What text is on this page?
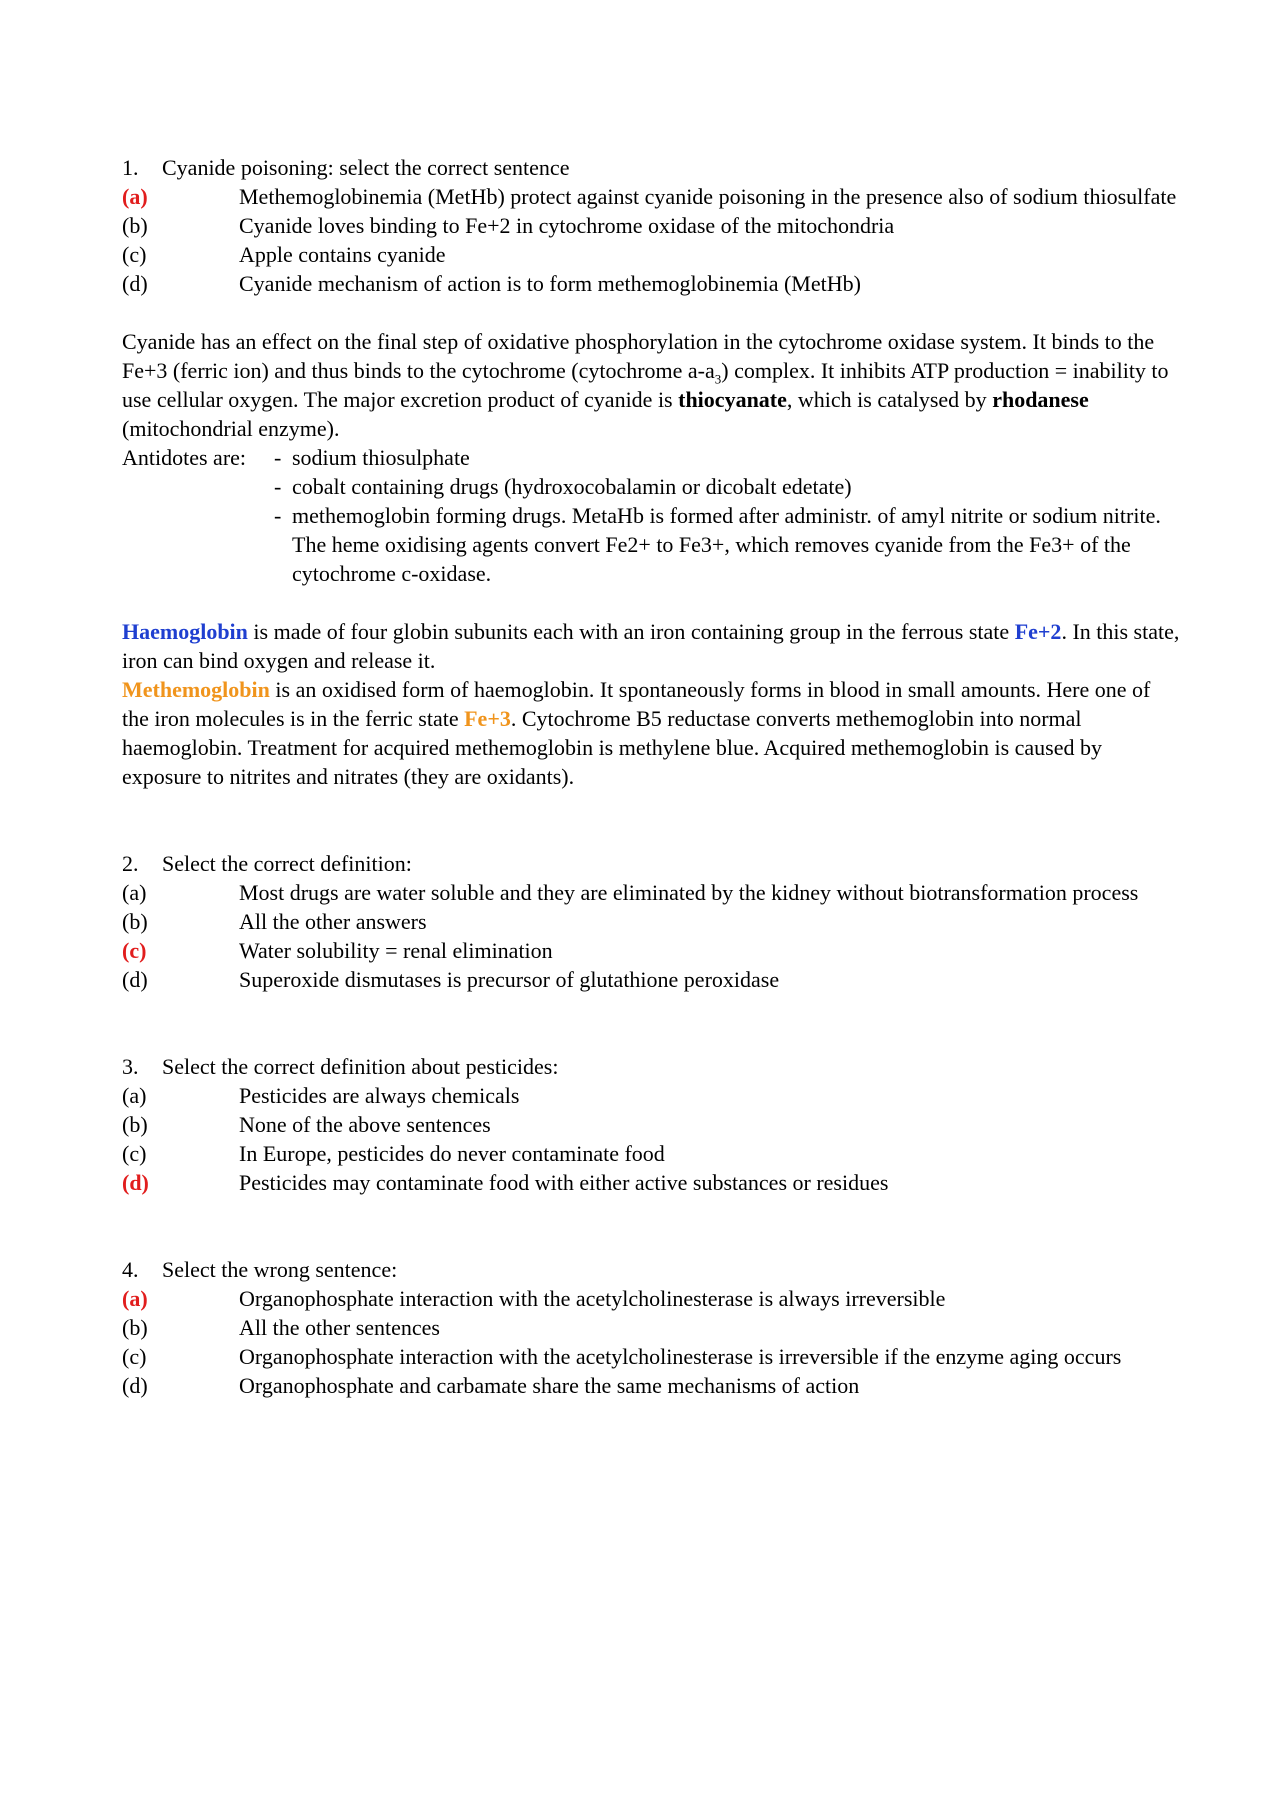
1. Cyanide poisoning: select the correct sentence
(a)	Methemoglobinemia (MetHb) protect against cyanide poisoning in the presence also of sodium thiosulfate
(b)	Cyanide loves binding to Fe+2 in cytochrome oxidase of the mitochondria
(c)	Apple contains cyanide
(d)	Cyanide mechanism of action is to form methemoglobinemia (MetHb)

Cyanide has an effect on the final step of oxidative phosphorylation in the cytochrome oxidase system. It binds to the Fe+3 (ferric ion) and thus binds to the cytochrome (cytochrome $a-a_3$) complex. It inhibits ATP production = inability to use cellular oxygen. The major excretion product of cyanide is thiocyanate, which is catalysed by rhodanese (mitochondrial enzyme).

Antidotes are:	- sodium thiosulphate
- cobalt containing drugs (hydroxocobalamin or dicobalt edetate)
- methemoglobin forming drugs. MetaHb is formed after administr. of amyl nitrite or sodium nitrite. The heme oxidising agents convert Fe2+ to Fe3+, which removes cyanide from the Fe3+ of the cytochrome c-oxidase.

Haemoglobin is made of four globin subunits each with an iron containing group in the ferrous state Fe+2. In this state, iron can bind oxygen and release it.

Methemoglobin is an oxidised form of haemoglobin. It spontaneously forms in blood in small amounts. Here one of the iron molecules is in the ferric state Fe+3. Cytochrome B5 reductase converts methemoglobin into normal haemoglobin. Treatment for acquired methemoglobin is methylene blue. Acquired methemoglobin is caused by exposure to nitrites and nitrates (they are oxidants).

2. Select the correct definition:
(a)	Most drugs are water soluble and they are eliminated by the kidney without biotransformation process
(b)	All the other answers
(c)	Water solubility = renal elimination
(d)	Superoxide dismutases is precursor of glutathione peroxidase
3. Select the correct definition about pesticides:
(a)	Pesticides are always chemicals
(b)	None of the above sentences
(c)	In Europe, pesticides do never contaminate food
(d)	Pesticides may contaminate food with either active substances or residues
4. Select the wrong sentence:
(a)	Organophosphate interaction with the acetylcholinesterase is always irreversible
(b)	All the other sentences
(c)	Organophosphate interaction with the acetylcholinesterase is irreversible if the enzyme aging occurs
(d)	Organophosphate and carbamate share the same mechanisms of action
